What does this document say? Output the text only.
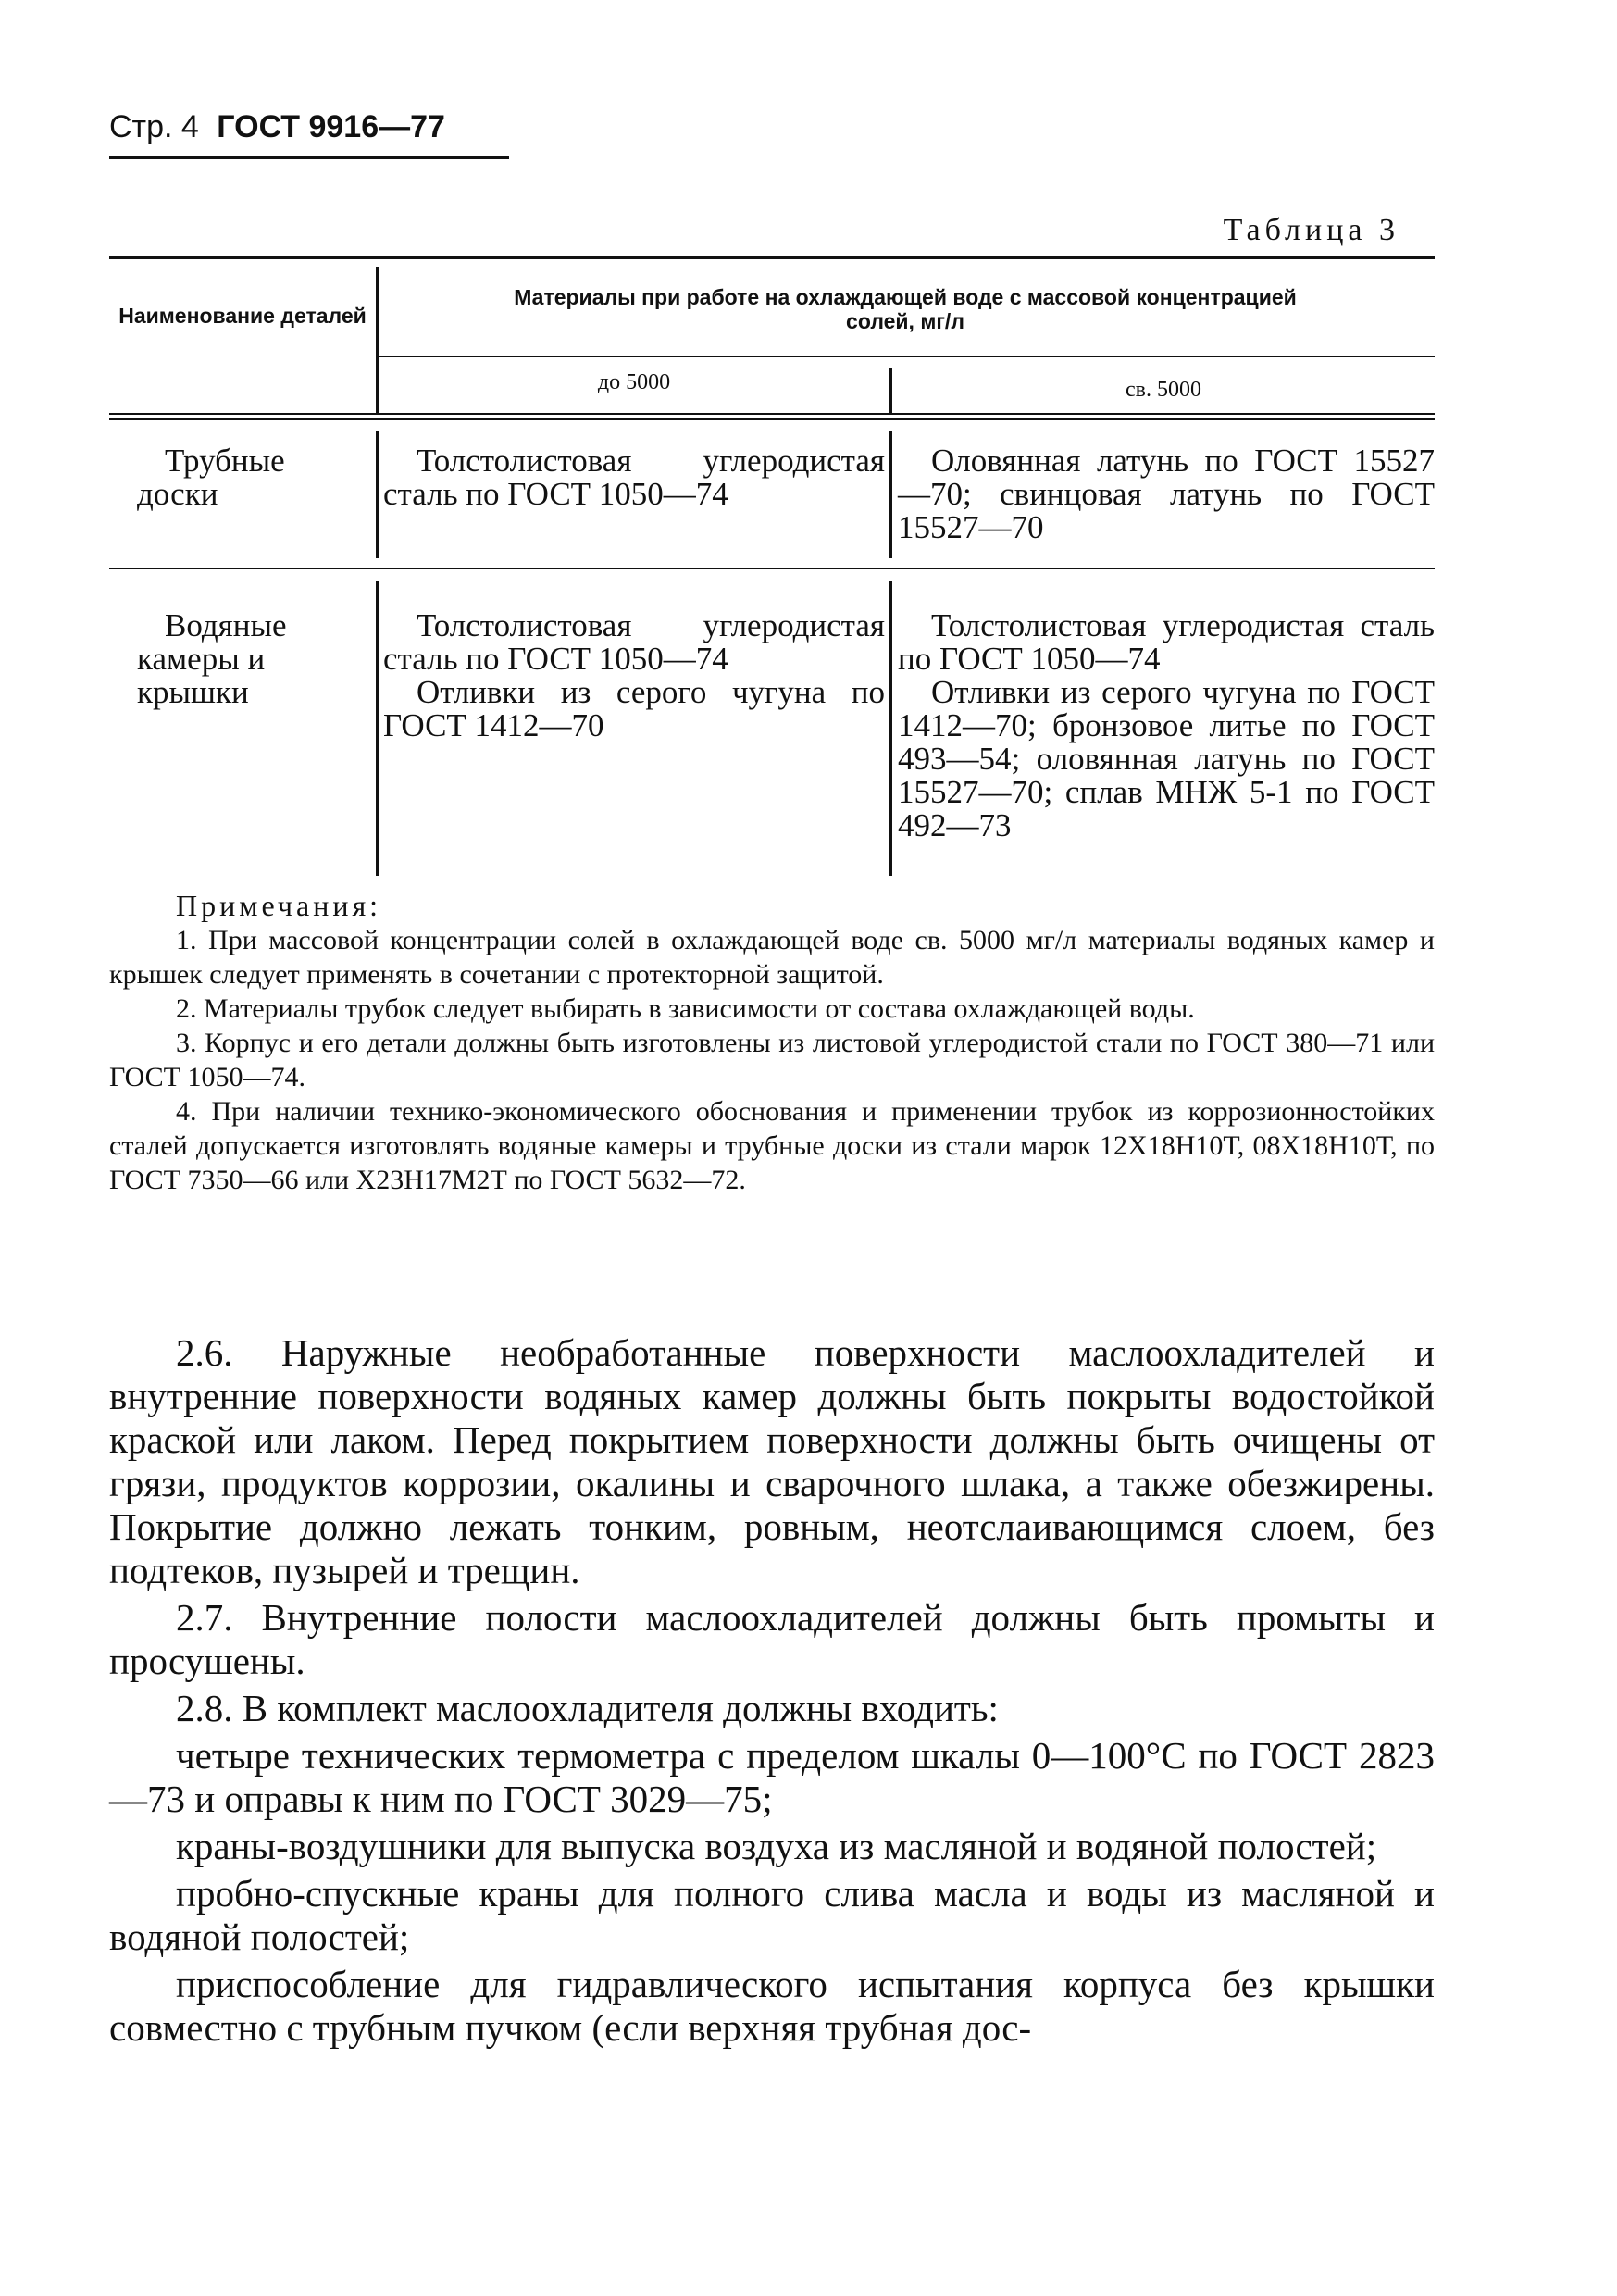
Стр. 4 ГОСТ 9916—77
Таблица 3
Наименование деталей
Материалы при работе на охлаждающей воде с массовой концентрацией солей, мг/л
до 5000	св. 5000
Трубные доски

Толстолистовая углеродистая сталь по ГОСТ 1050—74

Оловянная латунь по ГОСТ 15527—70; свинцовая латунь по ГОСТ 15527—70

Водяные камеры и крышки

Толстолистовая углеродистая сталь по ГОСТ 1050—74

Отливки из серого чугуна по ГОСТ 1412—70

Толстолистовая углеродистая сталь по ГОСТ 1050—74

Отливки из серого чугуна по ГОСТ 1412—70; бронзовое литье по ГОСТ 493—54; оловянная латунь по ГОСТ 15527—70; сплав МНЖ 5-1 по ГОСТ 492—73

Примечания:

1. При массовой концентрации солей в охлаждающей воде св. 5000 мг/л материалы водяных камер и крышек следует применять в сочетании с протекторной защитой.

2. Материалы трубок следует выбирать в зависимости от состава охлаждающей воды.

3. Корпус и его детали должны быть изготовлены из листовой углеродистой стали по ГОСТ 380—71 или ГОСТ 1050—74.

4. При наличии технико-экономического обоснования и применении трубок из коррозионностойких сталей допускается изготовлять водяные камеры и трубные доски из стали марок 12Х18Н10Т, 08Х18Н10Т, по ГОСТ 7350—66 или Х23Н17М2Т по ГОСТ 5632—72.

2.6. Наружные необработанные поверхности маслоохладителей и внутренние поверхности водяных камер должны быть покрыты водостойкой краской или лаком. Перед покрытием поверхности должны быть очищены от грязи, продуктов коррозии, окалины и сварочного шлака, а также обезжирены. Покрытие должно лежать тонким, ровным, неотслаивающимся слоем, без подтеков, пузырей и трещин.

2.7. Внутренние полости маслоохладителей должны быть промыты и просушены.

2.8. В комплект маслоохладителя должны входить:

четыре технических термометра с пределом шкалы 0—100°С по ГОСТ 2823—73 и оправы к ним по ГОСТ 3029—75;

краны-воздушники для выпуска воздуха из масляной и водяной полостей;

пробно-спускные краны для полного слива масла и воды из масляной и водяной полостей;

приспособление для гидравлического испытания корпуса без крышки совместно с трубным пучком (если верхняя трубная дос-
